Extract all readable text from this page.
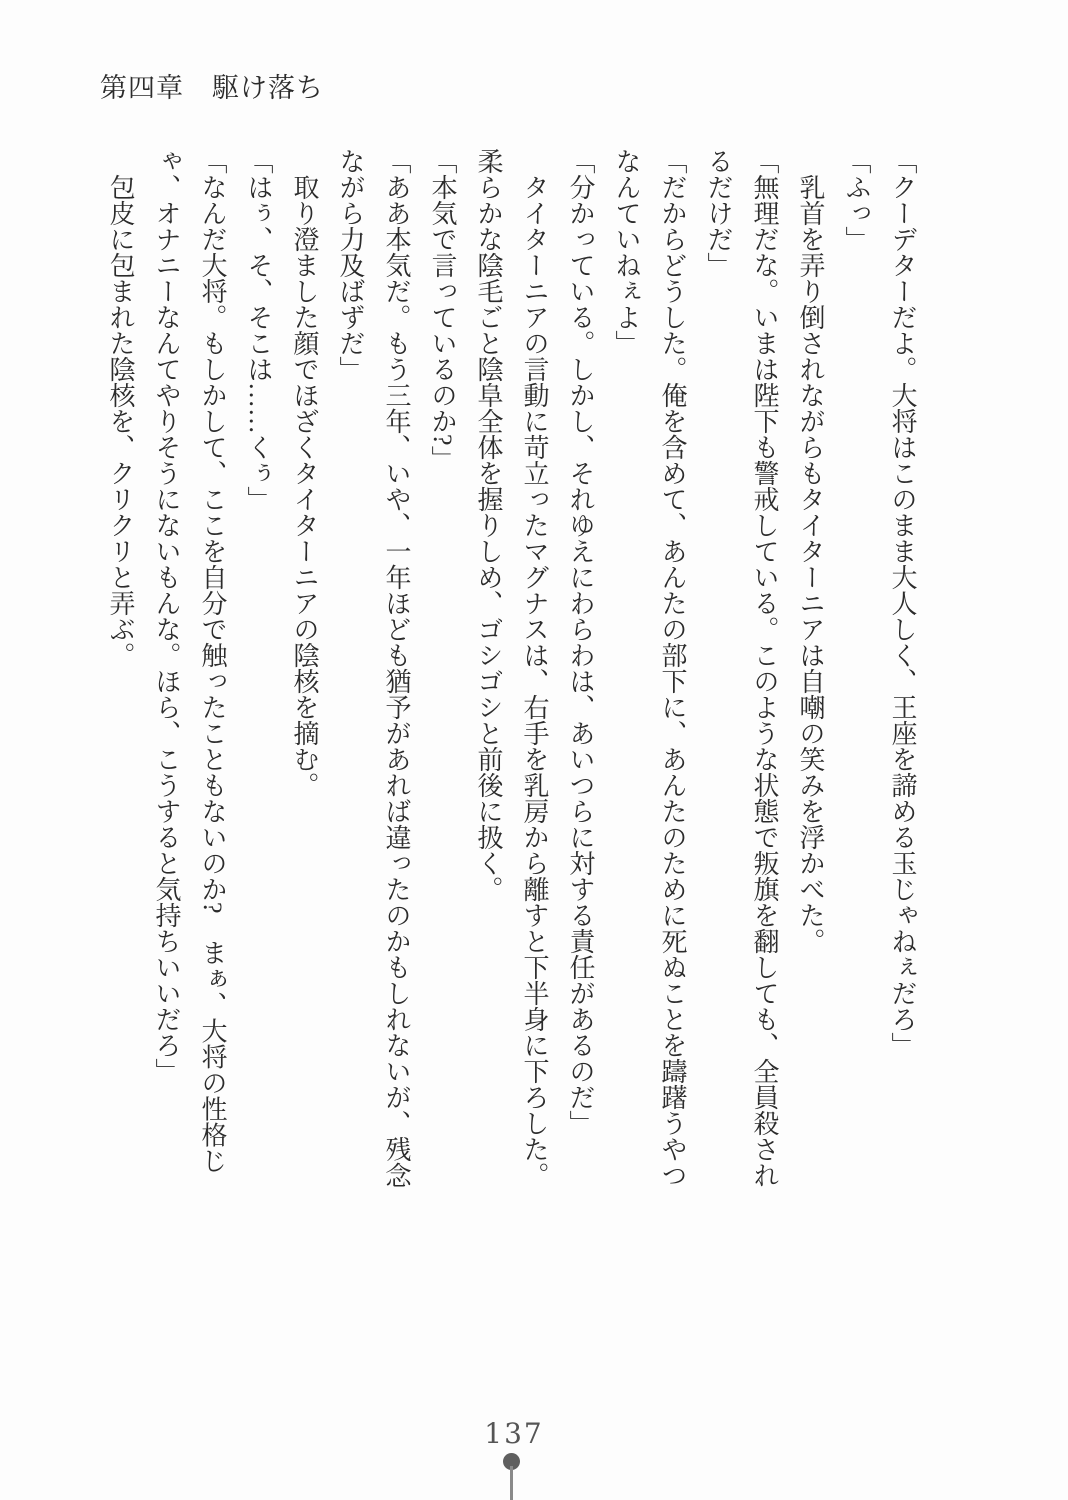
第四章　駆け落ち

「クーデターだよ。大将はこのまま大人しく、王座を諦める玉じゃねぇだろ」

「ふっ」

　乳首を弄り倒されながらもタイターニアは自嘲の笑みを浮かべた。

「無理だな。いまは陛下も警戒している。このような状態で叛旗を翻しても、全員殺され

るだけだ」

「だからどうした。俺を含めて、あんたの部下に、あんたのために死ぬことを躊躇うやつ

なんていねぇよ」

「分かっている。しかし、それゆえにわらわは、あいつらに対する責任があるのだ」

　タイターニアの言動に苛立ったマグナスは、右手を乳房から離すと下半身に下ろした。

柔らかな陰毛ごと陰阜全体を握りしめ、ゴシゴシと前後に扱く。

「本気で言っているのか?」

「ああ本気だ。もう三年、いや、一年ほども猶予があれば違ったのかもしれないが、残念

ながら力及ばずだ」

　取り澄ました顔でほざくタイターニアの陰核を摘む。

「はぅ、そ、そこは……くぅ」

「なんだ大将。もしかして、ここを自分で触ったこともないのか?　まぁ、大将の性格じ

ゃ、オナニーなんてやりそうにないもんな。ほら、こうすると気持ちいいだろ」

　包皮に包まれた陰核を、クリクリと弄ぶ。

137
